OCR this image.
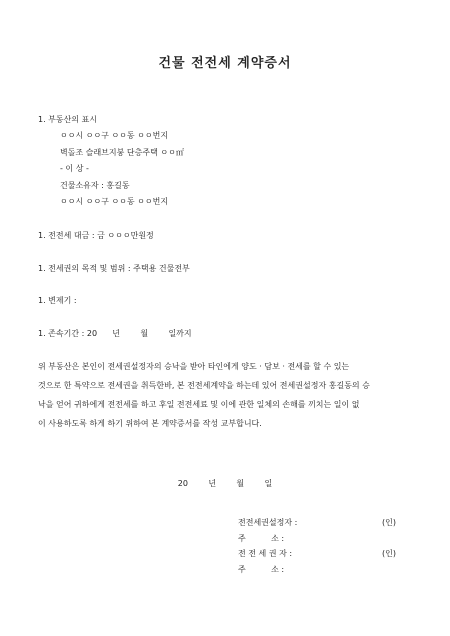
건물 전전세 계약증서
1. 부동산의 표시
ㅇㅇ시 ㅇㅇ구 ㅇㅇ동 ㅇㅇ번지
벽돌조 슬래브지붕 단층주택 ㅇㅇ㎡
- 이 상 -
건물소유자 : 홍길동
ㅇㅇ시 ㅇㅇ구 ㅇㅇ동 ㅇㅇ번지
1. 전전세 대금 : 금 ㅇㅇㅇ만원정
1. 전세권의 목적 및 범위 : 주택용 건물전부
1. 변제기 :
1. 존속기간 : 20      년        월        일까지
위 부동산은 본인이 전세권설정자의 승낙을 받아 타인에게 양도 · 담보 · 전세를 할 수 있는
것으로 한 특약으로 전세권을 취득한바, 본 전전세계약을 하는데 있어 전세권설정자 홍길동의 승
낙을 얻어 귀하에게 전전세를 하고 후일 전전세료 및 이에 관한 일체의 손해를 끼치는 일이 없
이 사용하도록 하게 하기 위하여 본 계약증서를 작성 교부합니다.
20        년        월        일
전전세권설정자 :	(인)
주          소 :
전 전 세 권 자 :	(인)
주          소 :
